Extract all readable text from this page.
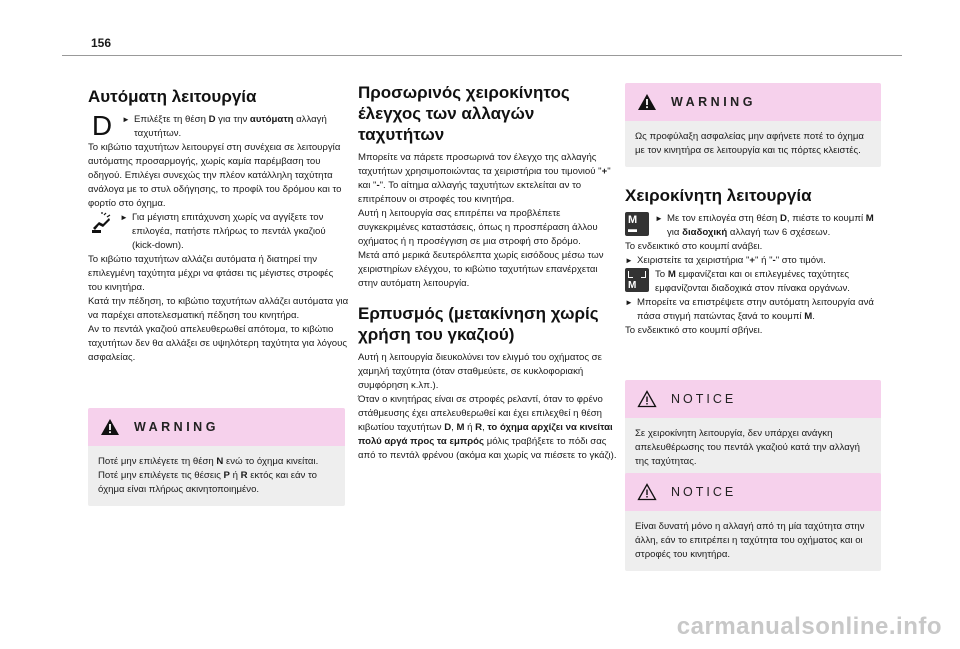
156
Αυτόματη λειτουργία
D
►	Επιλέξτε τη θέση D για την αυτόματη αλλαγή ταχυτήτων.

Το κιβώτιο ταχυτήτων λειτουργεί στη συνέχεια σε λειτουργία αυτόματης προσαρμογής, χωρίς καμία παρέμβαση του οδηγού. Επιλέγει συνεχώς την πλέον κατάλληλη ταχύτητα ανάλογα με το στυλ οδήγησης, το προφίλ του δρόμου και το φορτίο στο όχημα.

► Για μέγιστη επιτάχυνση χωρίς να αγγίξετε τον επιλογέα, πατήστε πλήρως το πεντάλ γκαζιού (kick-down).

Το κιβώτιο ταχυτήτων αλλάζει αυτόματα ή διατηρεί την επιλεγμένη ταχύτητα μέχρι να φτάσει τις μέγιστες στροφές του κινητήρα.

Κατά την πέδηση, το κιβώτιο ταχυτήτων αλλάζει αυτόματα για να παρέχει αποτελεσματική πέδηση του κινητήρα.

Αν το πεντάλ γκαζιού απελευθερωθεί απότομα, το κιβώτιο ταχυτήτων δεν θα αλλάξει σε υψηλότερη ταχύτητα για λόγους ασφαλείας.

WARNING
Ποτέ μην επιλέγετε τη θέση N ενώ το όχημα κινείται. Ποτέ μην επιλέγετε τις θέσεις P ή R εκτός και εάν το όχημα είναι πλήρως ακινητοποιημένο.
Προσωρινός χειροκίνητος έλεγχος των αλλαγών ταχυτήτων

Μπορείτε να πάρετε προσωρινά τον έλεγχο της αλλαγής ταχυτήτων χρησιμοποιώντας τα χειριστήρια του τιμονιού "+" και "-". Το αίτημα αλλαγής ταχυτήτων εκτελείται αν το επιτρέπουν οι στροφές του κινητήρα.

Αυτή η λειτουργία σας επιτρέπει να προβλέπετε συγκεκριμένες καταστάσεις, όπως η προσπέραση άλλου οχήματος ή η προσέγγιση σε μια στροφή στο δρόμο.

Μετά από μερικά δευτερόλεπτα χωρίς εισόδους μέσω των χειριστηρίων ελέγχου, το κιβώτιο ταχυτήτων επανέρχεται στην αυτόματη λειτουργία.

Ερπυσμός (μετακίνηση χωρίς χρήση του γκαζιού)

Αυτή η λειτουργία διευκολύνει τον ελιγμό του οχήματος σε χαμηλή ταχύτητα (όταν σταθμεύετε, σε κυκλοφοριακή συμφόρηση κ.λπ.).

Όταν ο κινητήρας είναι σε στροφές ρελαντί, όταν το φρένο στάθμευσης έχει απελευθερωθεί και έχει επιλεχθεί η θέση κιβωτίου ταχυτήτων D, M ή R, το όχημα αρχίζει να κινείται πολύ αργά προς τα εμπρός μόλις τραβήξετε το πόδι σας από το πεντάλ φρένου (ακόμα και χωρίς να πιέσετε το γκάζι).

WARNING
Ως προφύλαξη ασφαλείας μην αφήνετε ποτέ το όχημα με τον κινητήρα σε λειτουργία και τις πόρτες κλειστές.
Χειροκίνητη λειτουργία
M
▬
► Με τον επιλογέα στη θέση D, πιέστε το κουμπί M για διαδοχική αλλαγή των 6 σχέσεων.

Το ενδεικτικό στο κουμπί ανάβει.

► Χειριστείτε τα χειριστήρια "+" ή "-" στο τιμόνι.

M
Το M εμφανίζεται και οι επιλεγμένες ταχύτητες εμφανίζονται διαδοχικά στον πίνακα οργάνων.

► Μπορείτε να επιστρέψετε στην αυτόματη λειτουργία ανά πάσα στιγμή πατώντας ξανά το κουμπί M.

Το ενδεικτικό στο κουμπί σβήνει.

NOTICE
Σε χειροκίνητη λειτουργία, δεν υπάρχει ανάγκη απελευθέρωσης του πεντάλ γκαζιού κατά την αλλαγή της ταχύτητας.
NOTICE
Είναι δυνατή μόνο η αλλαγή από τη μία ταχύτητα στην άλλη, εάν το επιτρέπει η ταχύτητα του οχήματος και οι στροφές του κινητήρα.
carmanualsonline.info
